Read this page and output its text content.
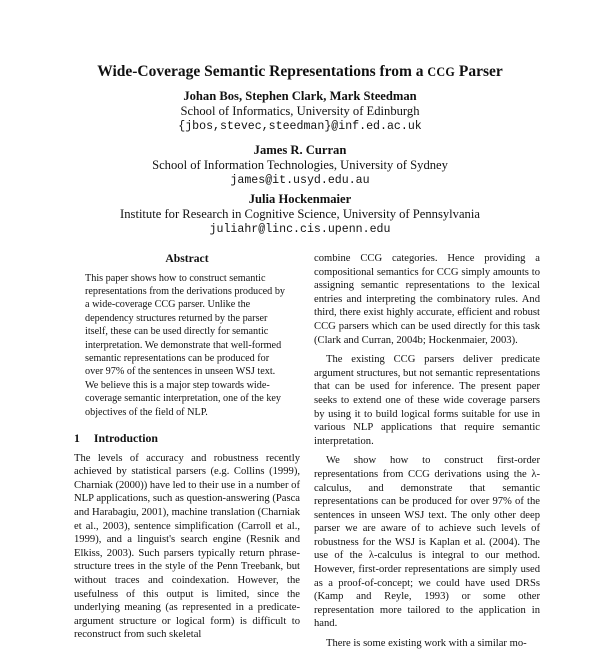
Wide-Coverage Semantic Representations from a CCG Parser
Johan Bos, Stephen Clark, Mark Steedman
School of Informatics, University of Edinburgh
{jbos,stevec,steedman}@inf.ed.ac.uk
James R. Curran
School of Information Technologies, University of Sydney
james@it.usyd.edu.au
Julia Hockenmaier
Institute for Research in Cognitive Science, University of Pennsylvania
juliahr@linc.cis.upenn.edu
Abstract

This paper shows how to construct semantic representations from the derivations produced by a wide-coverage CCG parser. Unlike the dependency structures returned by the parser itself, these can be used directly for semantic interpretation. We demonstrate that well-formed semantic representations can be produced for over 97% of the sentences in unseen WSJ text. We believe this is a major step towards wide-coverage semantic interpretation, one of the key objectives of the field of NLP.

1 Introduction

The levels of accuracy and robustness recently achieved by statistical parsers (e.g. Collins (1999), Charniak (2000)) have led to their use in a number of NLP applications, such as question-answering (Pasca and Harabagiu, 2001), machine translation (Charniak et al., 2003), sentence simplification (Carroll et al., 1999), and a linguist's search engine (Resnik and Elkiss, 2003). Such parsers typically return phrase-structure trees in the style of the Penn Treebank, but without traces and coindexation. However, the usefulness of this output is limited, since the underlying meaning (as represented in a predicate-argument structure or logical form) is difficult to reconstruct from such skeletal

combine CCG categories. Hence providing a compositional semantics for CCG simply amounts to assigning semantic representations to the lexical entries and interpreting the combinatory rules. And third, there exist highly accurate, efficient and robust CCG parsers which can be used directly for this task (Clark and Curran, 2004b; Hockenmaier, 2003).

The existing CCG parsers deliver predicate argument structures, but not semantic representations that can be used for inference. The present paper seeks to extend one of these wide coverage parsers by using it to build logical forms suitable for use in various NLP applications that require semantic interpretation.

We show how to construct first-order representations from CCG derivations using the λ-calculus, and demonstrate that semantic representations can be produced for over 97% of the sentences in unseen WSJ text. The only other deep parser we are aware of to achieve such levels of robustness for the WSJ is Kaplan et al. (2004). The use of the λ-calculus is integral to our method. However, first-order representations are simply used as a proof-of-concept; we could have used DRSs (Kamp and Reyle, 1993) or some other representation more tailored to the application in hand.

There is some existing work with a similar mo-
